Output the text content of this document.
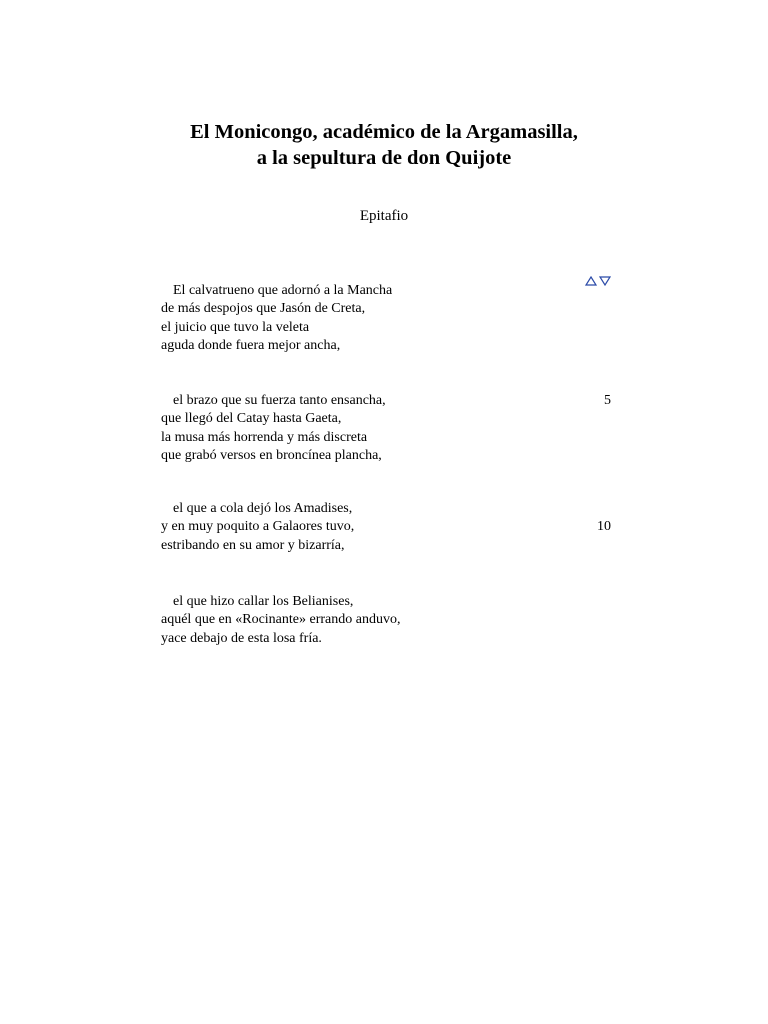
El Monicongo, académico de la Argamasilla,
a la sepultura de don Quijote

Epitafio

El calvatrueno que adornó a la Mancha
de más despojos que Jasón de Creta,
el juicio que tuvo la veleta
aguda donde fuera mejor ancha,
5
el brazo que su fuerza tanto ensancha,
que llegó del Catay hasta Gaeta,
la musa más horrenda y más discreta
que grabó versos en broncínea plancha,
10
el que a cola dejó los Amadises,
y en muy poquito a Galaores tuvo,
estribando en su amor y bizarría,
el que hizo callar los Belianises,
aquél que en «Rocinante» errando anduvo,
yace debajo de esta losa fría.
